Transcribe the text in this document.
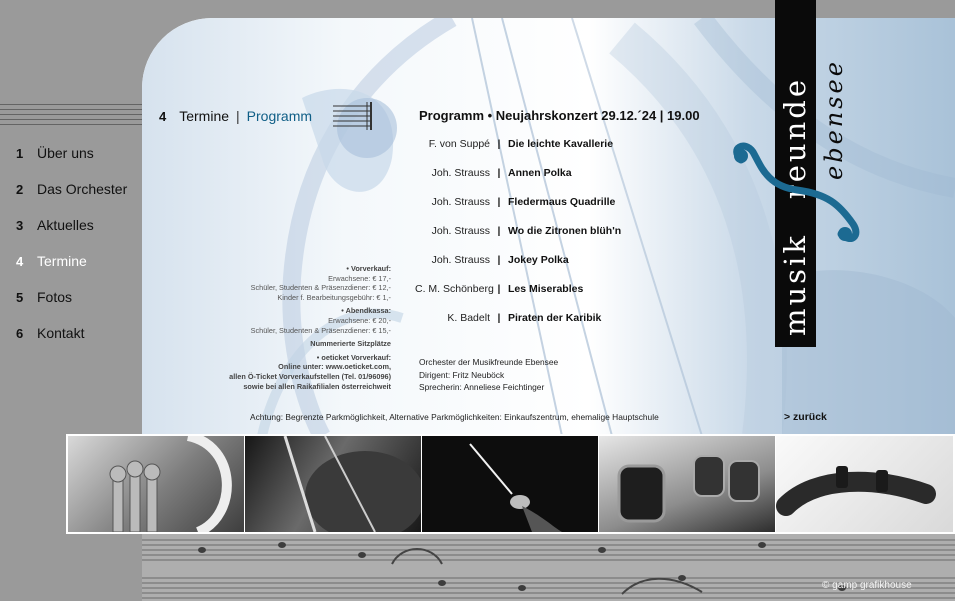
1 Über uns
2 Das Orchester
3 Aktuelles
4 Termine
5 Fotos
6 Kontakt
4 Termine | Programm	Programm • Neujahrskonzert 29.12.´24 | 19.00
F. von Suppé | Die leichte Kavallerie
Joh. Strauss | Annen Polka
Joh. Strauss | Fledermaus Quadrille
Joh. Strauss | Wo die Zitronen blüh'n
Joh. Strauss | Jokey Polka
C. M. Schönberg | Les Miserables
K. Badelt | Piraten der Karibik
• Vorverkauf:
Erwachsene: € 17,-
Schüler, Studenten & Präsenzdiener: € 12,-
Kinder f. Bearbeitungsgebühr: € 1,-
• Abendkassa:
Erwachsene: € 20,-
Schüler, Studenten & Präsenzdiener: € 15,-
Nummerierte Sitzplätze
• oeticket Vorverkauf:
Online unter: www.oeticket.com,
allen Ö-Ticket Vorverkaufstellen (Tel. 01/96096)
sowie bei allen Raikafilialen österreichweit
Orchester der Musikfreunde Ebensee
Dirigent: Fritz Neuböck
Sprecherin: Anneliese Feichtinger
Achtung: Begrenzte Parkmöglichkeit, Alternative Parkmöglichkeiten: Einkaufszentrum, ehemalige Hauptschule	> zurück
musikreunde ebensee
© gamp grafikhouse
